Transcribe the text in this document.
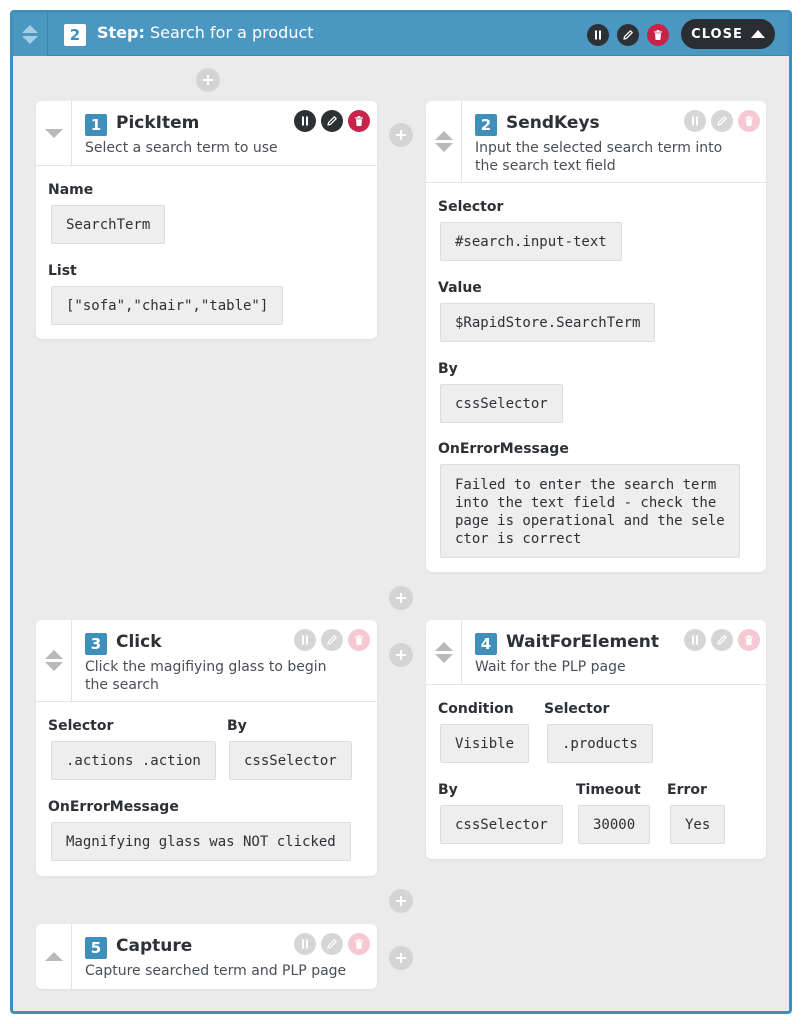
2	Step: Search for a product	CLOSE
1 PickItem
Select a search term to use
Name
SearchTerm
List
["sofa","chair","table"]
2 SendKeys
Input the selected search term into the search text field
Selector
#search.input-text
Value
$RapidStore.SearchTerm
By
cssSelector
OnErrorMessage
Failed to enter the search term into the text field - check the page is operational and the selector is correct
3 Click
Click the magifiying glass to begin the search
Selector
.actions .action
By
cssSelector
OnErrorMessage
Magnifying glass was NOT clicked
4 WaitForElement
Wait for the PLP page
Condition
Visible
Selector
.products
By
cssSelector
Timeout
30000
Error
Yes
5 Capture
Capture searched term and PLP page
